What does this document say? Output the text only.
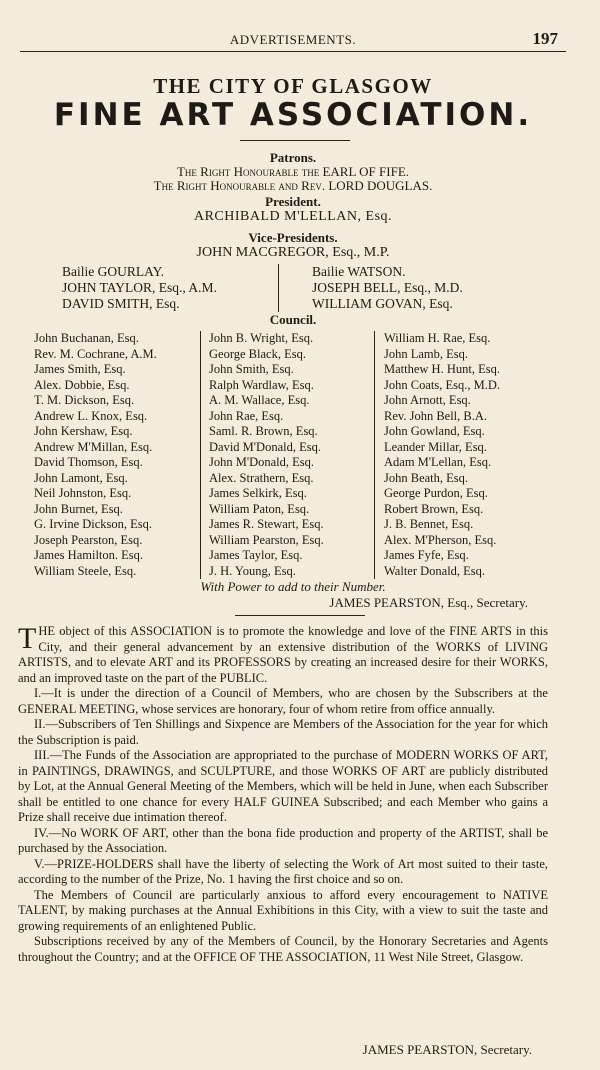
ADVERTISEMENTS.	197
THE CITY OF GLASGOW
FINE ART ASSOCIATION.
Patrons.
The Right Honourable the EARL OF FIFE.
The Right Honourable and Rev. LORD DOUGLAS.
President.
ARCHIBALD M'LELLAN, Esq.
Vice-Presidents.
JOHN MACGREGOR, Esq., M.P.
Bailie GOURLAY.
JOHN TAYLOR, Esq., A.M.
DAVID SMITH, Esq.
Bailie WATSON.
JOSEPH BELL, Esq., M.D.
WILLIAM GOVAN, Esq.
Council.
John Buchanan, Esq.
Rev. M. Cochrane, A.M.
James Smith, Esq.
Alex. Dobbie, Esq.
T. M. Dickson, Esq.
Andrew L. Knox, Esq.
John Kershaw, Esq.
Andrew M'Millan, Esq.
David Thomson, Esq.
John Lamont, Esq.
Neil Johnston, Esq.
John Burnet, Esq.
G. Irvine Dickson, Esq.
Joseph Pearston, Esq.
James Hamilton. Esq.
William Steele, Esq.
John B. Wright, Esq.
George Black, Esq.
John Smith, Esq.
Ralph Wardlaw, Esq.
A. M. Wallace, Esq.
John Rae, Esq.
Saml. R. Brown, Esq.
David M'Donald, Esq.
John M'Donald, Esq.
Alex. Strathern, Esq.
James Selkirk, Esq.
William Paton, Esq.
James R. Stewart, Esq.
William Pearston, Esq.
James Taylor, Esq.
J. H. Young, Esq.
William H. Rae, Esq.
John Lamb, Esq.
Matthew H. Hunt, Esq.
John Coats, Esq., M.D.
John Arnott, Esq.
Rev. John Bell, B.A.
John Gowland, Esq.
Leander Millar, Esq.
Adam M'Lellan, Esq.
John Beath, Esq.
George Purdon, Esq.
Robert Brown, Esq.
J. B. Bennet, Esq.
Alex. M'Pherson, Esq.
James Fyfe, Esq.
Walter Donald, Esq.
With Power to add to their Number.
JAMES PEARSTON, Esq., Secretary.

THE object of this ASSOCIATION is to promote the knowledge and love of the FINE ARTS in this City, and their general advancement by an extensive distribution of the WORKS of LIVING ARTISTS, and to elevate ART and its PROFESSORS by creating an increased desire for their WORKS, and an improved taste on the part of the PUBLIC.

I.—It is under the direction of a Council of Members, who are chosen by the Subscribers at the GENERAL MEETING, whose services are honorary, four of whom retire from office annually.

II.—Subscribers of Ten Shillings and Sixpence are Members of the Association for the year for which the Subscription is paid.

III.—The Funds of the Association are appropriated to the purchase of MODERN WORKS OF ART, in PAINTINGS, DRAWINGS, and SCULPTURE, and those WORKS OF ART are publicly distributed by Lot, at the Annual General Meeting of the Members, which will be held in June, when each Subscriber shall be entitled to one chance for every HALF GUINEA Subscribed; and each Member who gains a Prize shall receive due intimation thereof.

IV.—No WORK OF ART, other than the bona fide production and property of the ARTIST, shall be purchased by the Association.

V.—PRIZE-HOLDERS shall have the liberty of selecting the Work of Art most suited to their taste, according to the number of the Prize, No. 1 having the first choice and so on.

The Members of Council are particularly anxious to afford every encouragement to NATIVE TALENT, by making purchases at the Annual Exhibitions in this City, with a view to suit the taste and growing requirements of an enlightened Public.

Subscriptions received by any of the Members of Council, by the Honorary Secretaries and Agents throughout the Country; and at the OFFICE OF THE ASSOCIATION, 11 West Nile Street, Glasgow.

JAMES PEARSTON, Secretary.
